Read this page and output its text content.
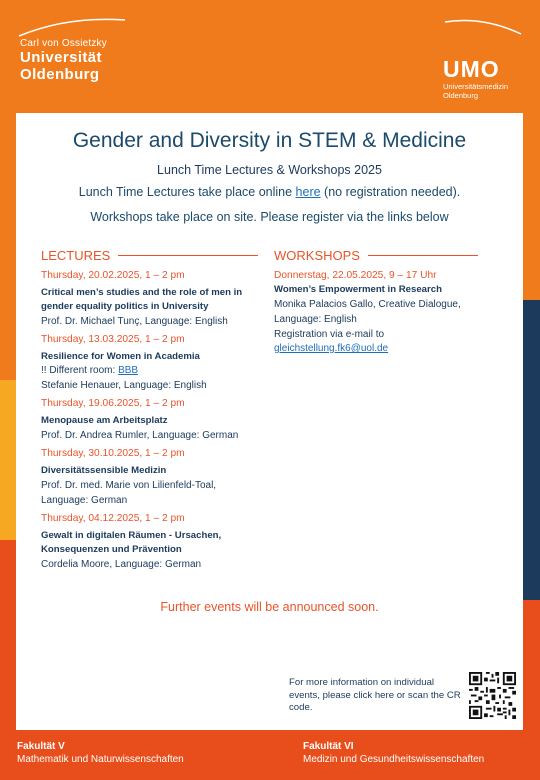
Carl von Ossietzky
Universität
Oldenburg	UMO
Universitätsmedizin
Oldenburg
Gender and Diversity in STEM & Medicine
Lunch Time Lectures & Workshops 2025
Lunch Time Lectures take place online here (no registration needed).
Workshops take place on site. Please register via the links below
LECTURES	WORKSHOPS
Thursday, 20.02.2025, 1 – 2 pm
Critical men’s studies and the role of men in
gender equality politics in University
Prof. Dr. Michael Tunç, Language: English
Thursday, 13.03.2025, 1 – 2 pm
Resilience for Women in Academia
!! Different room: BBB
Stefanie Henauer, Language: English
Thursday, 19.06.2025, 1 – 2 pm
Menopause am Arbeitsplatz
Prof. Dr. Andrea Rumler, Language: German
Thursday, 30.10.2025, 1 – 2 pm
Diversitätssensible Medizin
Prof. Dr. med. Marie von Lilienfeld-Toal,
Language: German
Thursday, 04.12.2025, 1 – 2 pm
Gewalt in digitalen Räumen - Ursachen,
Konsequenzen und Prävention
Cordelia Moore, Language: German
Donnerstag, 22.05.2025, 9 – 17 Uhr
Women’s Empowerment in Research
Monika Palacios Gallo, Creative Dialogue,
Language: English
Registration via e-mail to
gleichstellung.fk6@uol.de
Further events will be announced soon.
For more information on individual events, please click here or scan the CR code.
Fakultät V
Mathematik und Naturwissenschaften
Fakultät VI
Medizin und Gesundheitswissenschaften
